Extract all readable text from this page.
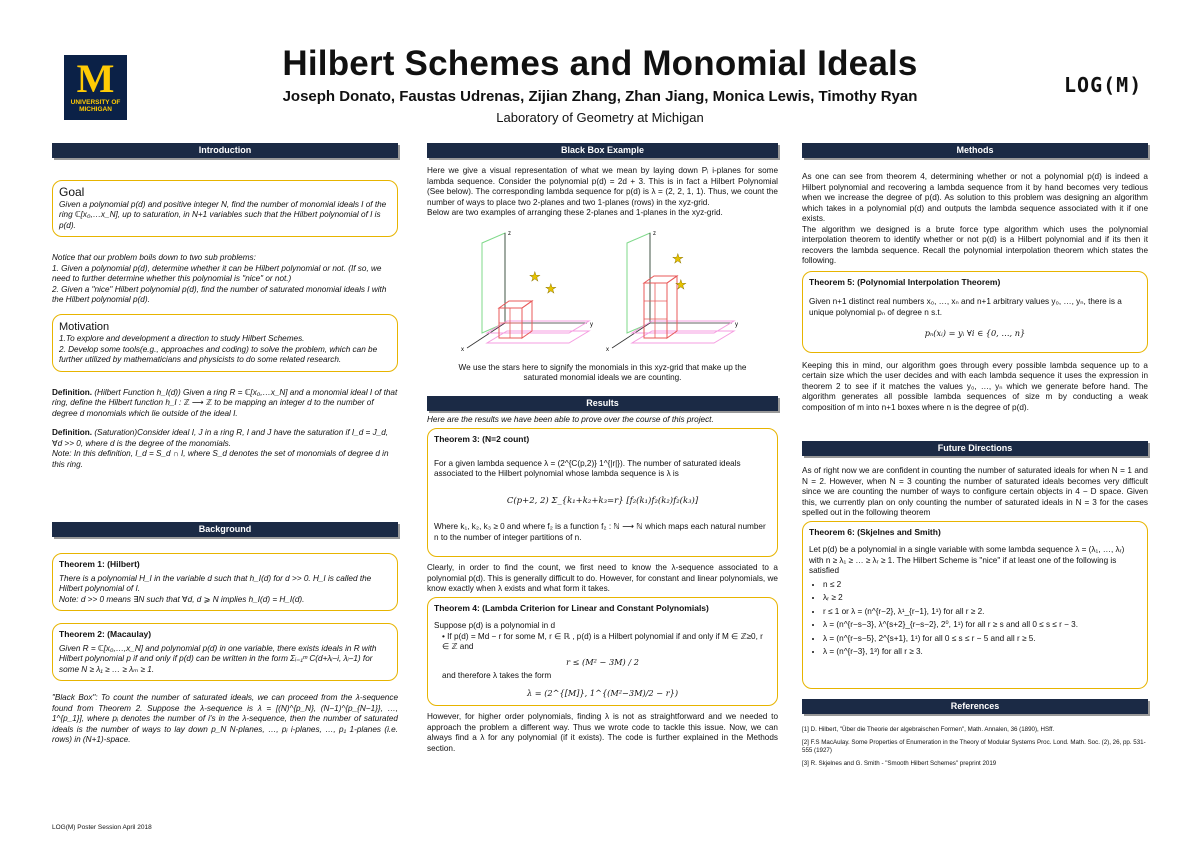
M
UNIVERSITY OF
MICHIGAN
Hilbert Schemes and Monomial Ideals
Joseph Donato, Faustas Udrenas, Zijian Zhang, Zhan Jiang, Monica Lewis, Timothy Ryan
Laboratory of Geometry at Michigan
LOG(M)
Introduction
Goal
Given a polynomial p(d) and positive integer N, find the number of monomial ideals I of the ring ℂ[x₀,…x_N], up to saturation, in N+1 variables such that the Hilbert polynomial of I is p(d).
Notice that our problem boils down to two sub problems:
1. Given a polynomial p(d), determine whether it can be Hilbert polynomial or not. (If so, we need to further determine whether this polynomial is "nice" or not.)
2. Given a "nice" Hilbert polynomial p(d), find the number of saturated monomial ideals I with the Hilbert polynomial p(d).
Motivation
1.To explore and development a direction to study Hilbert Schemes.
2. Develop some tools(e.g., approaches and coding) to solve the problem, which can be further utilized by mathematicians and physicists to do some related research.
Definition. (Hilbert Function h_I(d)) Given a ring R = ℂ[x₀,…x_N] and a monomial ideal I of that ring, define the Hilbert function h_I : ℤ ⟶ ℤ to be mapping an integer d to the number of degree d monomials which lie outside of the ideal I.
Definition. (Saturation)Consider ideal I, J in a ring R, I and J have the saturation if I_d = J_d, ∀d >> 0, where d is the degree of the monomials.
Note: In this definition, I_d = S_d ∩ I, where S_d denotes the set of monomials of degree d in this ring.
Background
Theorem 1: (Hilbert)
There is a polynomial H_I in the variable d such that h_I(d) for d >> 0. H_I is called the Hilbert polynomial of I.
Note: d >> 0 means ∃N such that ∀d, d ⩾ N implies h_I(d) = H_I(d).
Theorem 2: (Macaulay)
Given R = ℂ[x₀,…,x_N] and polynomial p(d) in one variable, there exists ideals in R with Hilbert polynomial p if and only if p(d) can be written in the form Σᵢ₌₁ᵐ C(d+λᵢ−i, λᵢ−1) for some N ≥ λ₁ ≥ … ≥ λₘ ≥ 1.
"Black Box": To count the number of saturated ideals, we can proceed from the λ-sequence found from Theorem 2. Suppose the λ-sequence is λ = [(N)^{p_N}, (N−1)^{p_{N−1}}, …, 1^{p_1}], where pᵢ denotes the number of i's in the λ-sequence, then the number of saturated ideals is the number of ways to lay down p_N N-planes, …, pᵢ i-planes, …, p₁ 1-planes (i.e. rows) in (N+1)-space.
Black Box Example
Here we give a visual representation of what we mean by laying down Pᵢ i-planes for some lambda sequence. Consider the polynomial p(d) = 2d + 3. This is in fact a Hilbert Polynomial (See below). The corresponding lambda sequence for p(d) is λ = (2, 2, 1, 1). Thus, we count the number of ways to place two 2-planes and two 1-planes (rows) in the xyz-grid.
Below are two examples of arranging these 2-planes and 1-planes in the xyz-grid.
★
★
y
z
x
★
★
y
z
x
We use the stars here to signify the monomials in this xyz-grid that make up the saturated monomial ideals we are counting.
Results
Here are the results we have been able to prove over the course of this project.
Theorem 3: (N=2 count)
For a given lambda sequence λ = (2^{C(p,2)} 1^{|r|}). The number of saturated ideals associated to the Hilbert polynomial whose lambda sequence is λ is
C(p+2, 2) Σ_{k₁+k₂+k₃=r} [f₂(k₁)f₂(k₂)f₂(k₃)]
Where k₁, k₂, k₃ ≥ 0 and where f₂ is a function f₂ : ℕ ⟶ ℕ which maps each natural number n to the number of integer partitions of n.
Clearly, in order to find the count, we first need to know the λ-sequence associated to a polynomial p(d). This is generally difficult to do. However, for constant and linear polynomials, we know exactly when λ exists and what form it takes.
Theorem 4: (Lambda Criterion for Linear and Constant Polynomials)
Suppose p(d) is a polynomial in d
• If p(d) = Md − r for some M, r ∈ ℝ , p(d) is a Hilbert polynomial if and only if M ∈ ℤ≥0, r ∈ ℤ and
r ≤ (M² − 3M) / 2
and therefore λ takes the form
λ = (2^{[M]}, 1^{(M²−3M)/2 − r})
However, for higher order polynomials, finding λ is not as straightforward and we needed to approach the problem a different way. Thus we wrote code to tackle this issue. Now, we can always find a λ for any polynomial (if it exists). The code is further explained in the Methods section.
Methods
As one can see from theorem 4, determining whether or not a polynomial p(d) is indeed a Hilbert polynomial and recovering a lambda sequence from it by hand becomes very tedious when we increase the degree of p(d). As solution to this problem was designing an algorithm which takes in a polynomial p(d) and outputs the lambda sequence associated with it if one exists.
The algorithm we designed is a brute force type algorithm which uses the polynomial interpolation theorem to identify whether or not p(d) is a Hilbert polynomial and if its then it recovers the lambda sequence. Recall the polynomial interpolation theorem which states the following.
Theorem 5: (Polynomial Interpolation Theorem)
Given n+1 distinct real numbers x₀, …, xₙ and n+1 arbitrary values y₀, …, yₙ, there is a unique polynomial pₙ of degree n s.t.
pₙ(xᵢ) = yᵢ ∀i ∈ {0, …, n}
Keeping this in mind, our algorithm goes through every possible lambda sequence up to a certain size which the user decides and with each lambda sequence it uses the expression in theorem 2 to see if it matches the values y₀, …, yₙ which we generate before hand. The algorithm generates all possible lambda sequences of size m by conducting a weak composition of m into n+1 boxes where n is the degree of p(d).
Future Directions
As of right now we are confident in counting the number of saturated ideals for when N = 1 and N = 2. However, when N = 3 counting the number of saturated ideals becomes very difficult since we are counting the number of ways to configure certain objects in 4 − D space. Given this, we currently plan on only counting the number of saturated ideals in N = 3 for the cases spelled out in the following theorem
Theorem 6: (Skjelnes and Smith)
Let p(d) be a polynomial in a single variable with some lambda sequence λ = (λ₁, …, λᵣ) with n ≥ λ₁ ≥ … ≥ λᵣ ≥ 1. The Hilbert Scheme is "nice" if at least one of the following is satisfied
• n ≤ 2
• λᵣ ≥ 2
• r ≤ 1 or λ = (n^{r−2}, λ¹_{r−1}, 1¹) for all r ≥ 2.
• λ = (n^{r−s−3}, λ^{s+2}_{r−s−2}, 2⁰, 1¹) for all r ≥ s and all 0 ≤ s ≤ r − 3.
• λ = (n^{r−s−5}, 2^{s+1}, 1¹) for all 0 ≤ s ≤ r − 5 and all r ≥ 5.
• λ = (n^{r−3}, 1³) for all r ≥ 3.
References
[1] D. Hilbert, "Über die Theorie der algebraischen Formen", Math. Annalen, 36 (1890), HSff.
[2] F.S MacAulay. Some Properties of Enumeration in the Theory of Modular Systems Proc. Lond. Math. Soc. (2), 26, pp. 531-555 (1927)
[3] R. Skjelnes and G. Smith - "Smooth Hilbert Schemes" preprint 2019
LOG(M) Poster Session April 2018
